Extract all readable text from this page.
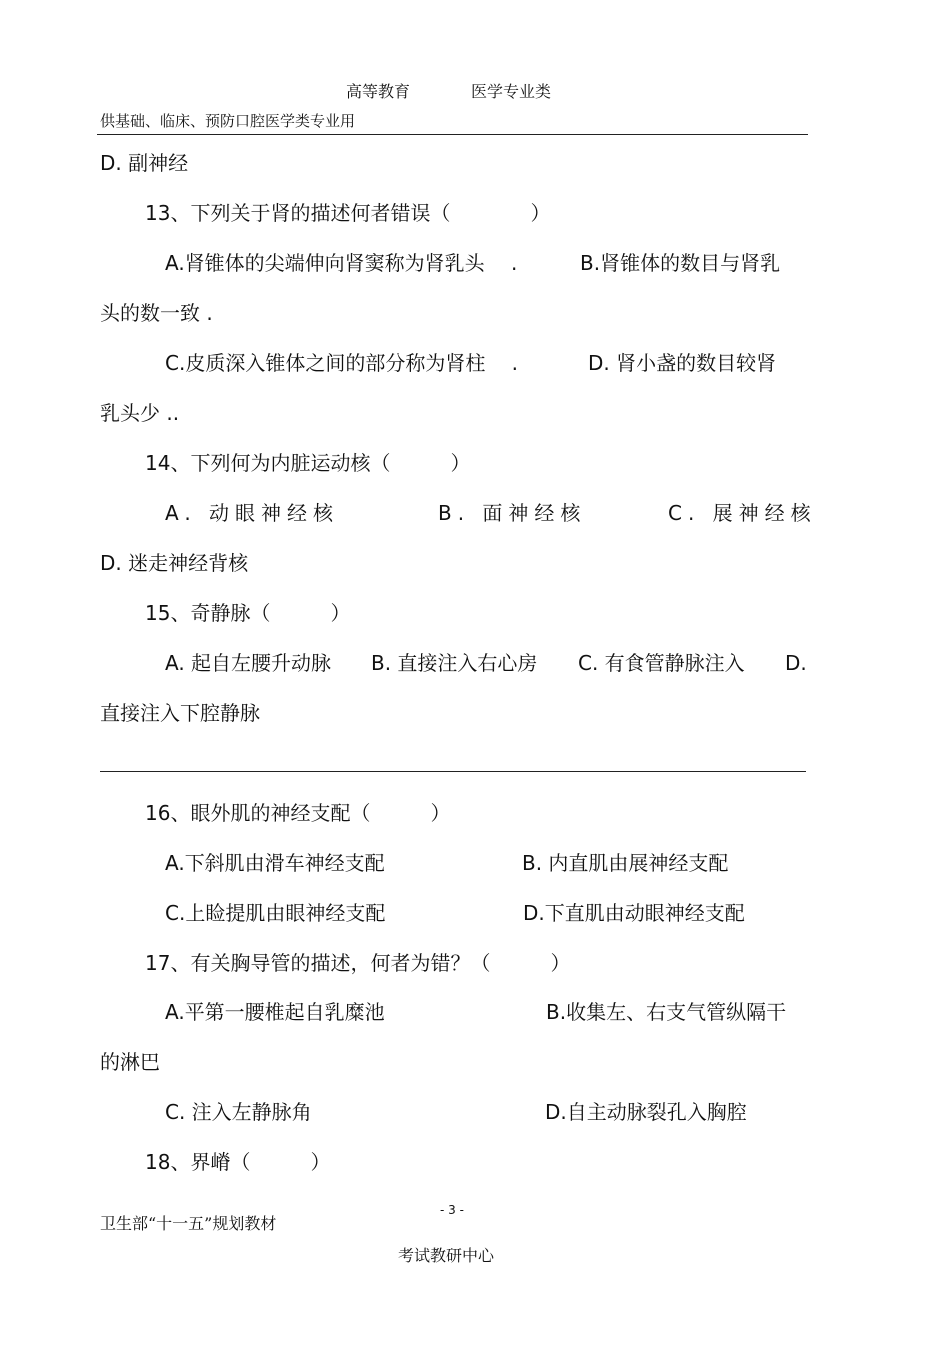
高等教育	医学专业类
供基础、临床、预防口腔医学类专业用
D. 副神经
13、下列关于肾的描述何者错误（　　　　）
A.肾锥体的尖端伸向肾窦称为肾乳头　 .	B.肾锥体的数目与肾乳
头的数一致 .
C.皮质深入锥体之间的部分称为肾柱　 .	D. 肾小盏的数目较肾
乳头少 ..
14、下列何为内脏运动核（　　　）
A. 动眼神经核	B. 面神经核	C. 展神经核
D. 迷走神经背核
15、奇静脉（　　　）
A. 起自左腰升动脉 B. 直接注入右心房 C. 有食管静脉注入 D.
直接注入下腔静脉
16、眼外肌的神经支配（　　　）
A.下斜肌由滑车神经支配	B. 内直肌由展神经支配
C.上睑提肌由眼神经支配	D.下直肌由动眼神经支配
17、有关胸导管的描述，何者为错？（　　　）
A.平第一腰椎起自乳糜池	B.收集左、右支气管纵隔干
的淋巴
C. 注入左静脉角	D.自主动脉裂孔入胸腔
18、界嵴（　　　）
卫生部“十一五”规划教材
- 3 -
考试教研中心
